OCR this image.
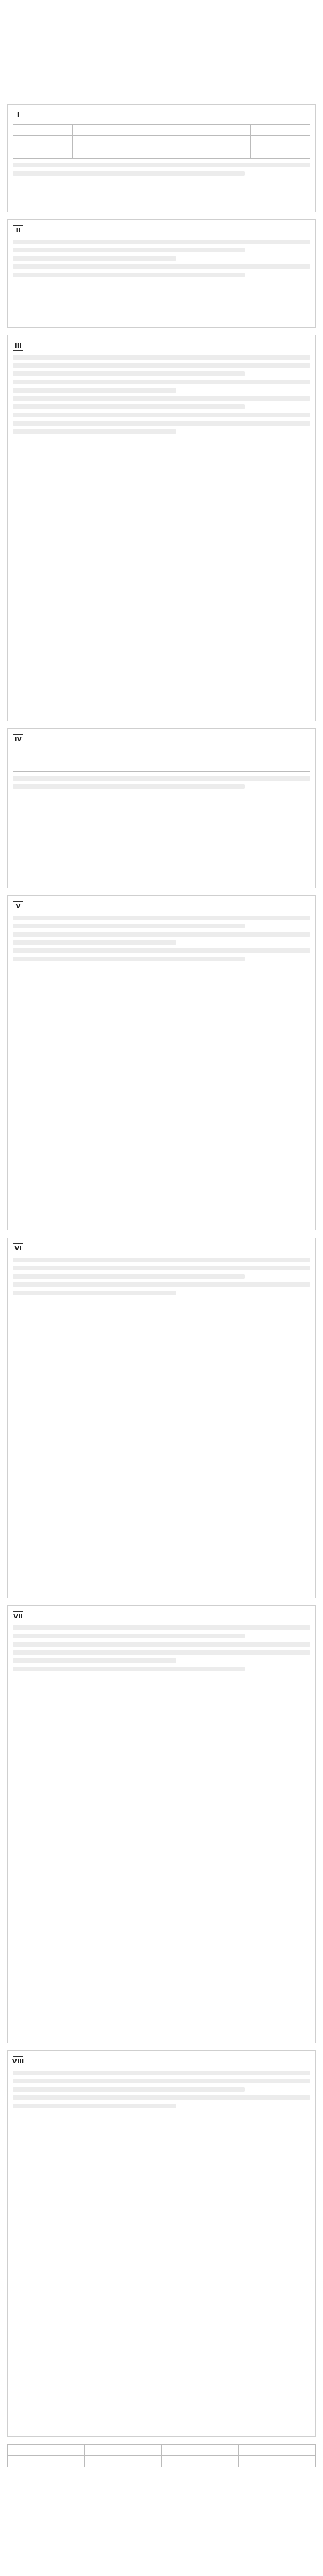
I

II
III
IV

V
VI
VII
VIII
